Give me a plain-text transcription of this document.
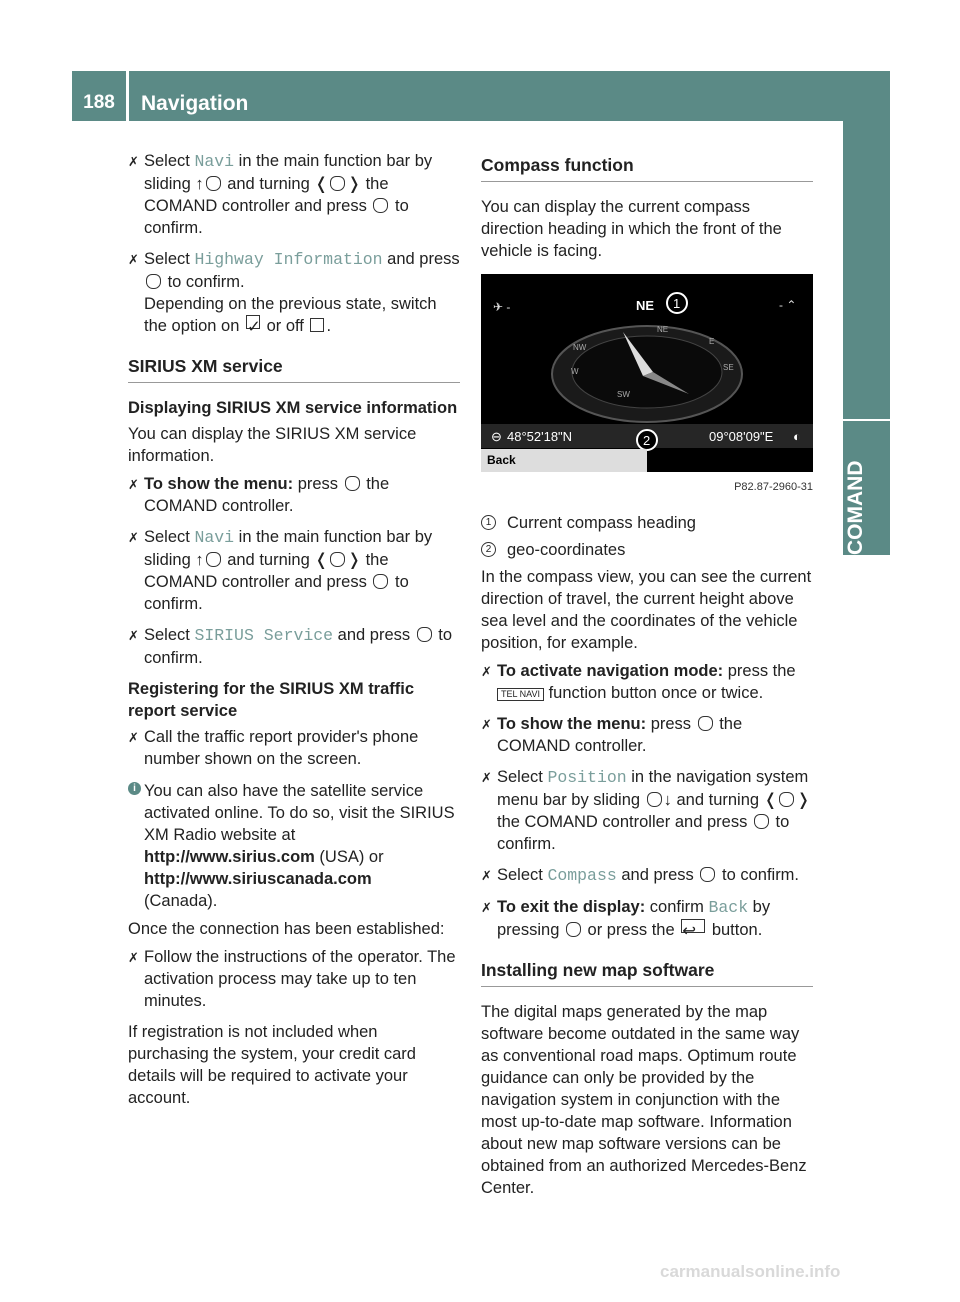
188	Navigation
✗ Select Navi in the main function bar by sliding ↑ and turning ❬ ❭ the COMAND controller and press  to confirm.
✗ Select Highway Information and press  to confirm.
Depending on the previous state, switch the option on ✓ or off .
SIRIUS XM service
Displaying SIRIUS XM service information

You can display the SIRIUS XM service information.

✗ To show the menu: press  the COMAND controller.
✗ Select Navi in the main function bar by sliding ↑ and turning ❬ ❭ the COMAND controller and press  to confirm.
✗ Select SIRIUS Service and press  to confirm.
Registering for the SIRIUS XM traffic report service
✗ Call the traffic report provider's phone number shown on the screen.
i You can also have the satellite service activated online. To do so, visit the SIRIUS XM Radio website at
http://www.sirius.com (USA) or
http://www.siriuscanada.com
(Canada).

Once the connection has been established:

✗ Follow the instructions of the operator. The activation process may take up to ten minutes.

If registration is not included when purchasing the system, your credit card details will be required to activate your account.

Compass function

You can display the current compass direction heading in which the front of the vehicle is facing.

✈ -	NE 1	- ⌃
NE
E
SE
SW
W
NW
⊖ 48°52'18"N	2	09°08'09"E ◐
Back
P82.87-2960-31
1 Current compass heading
2 geo-coordinates

In the compass view, you can see the current direction of travel, the current height above sea level and the coordinates of the vehicle position, for example.

✗ To activate navigation mode: press the TEL NAVI function button once or twice.
✗ To show the menu: press  the COMAND controller.
✗ Select Position in the navigation system menu bar by sliding ↓ and turning ❬ ❭ the COMAND controller and press  to confirm.
✗ Select Compass and press  to confirm.
✗ To exit the display: confirm Back by pressing  or press the ↩ button.
Installing new map software

The digital maps generated by the map software become outdated in the same way as conventional road maps. Optimum route guidance can only be provided by the navigation system in conjunction with the most up-to-date map software. Information about new map software versions can be obtained from an authorized Mercedes-Benz Center.

carmanualsonline.info
